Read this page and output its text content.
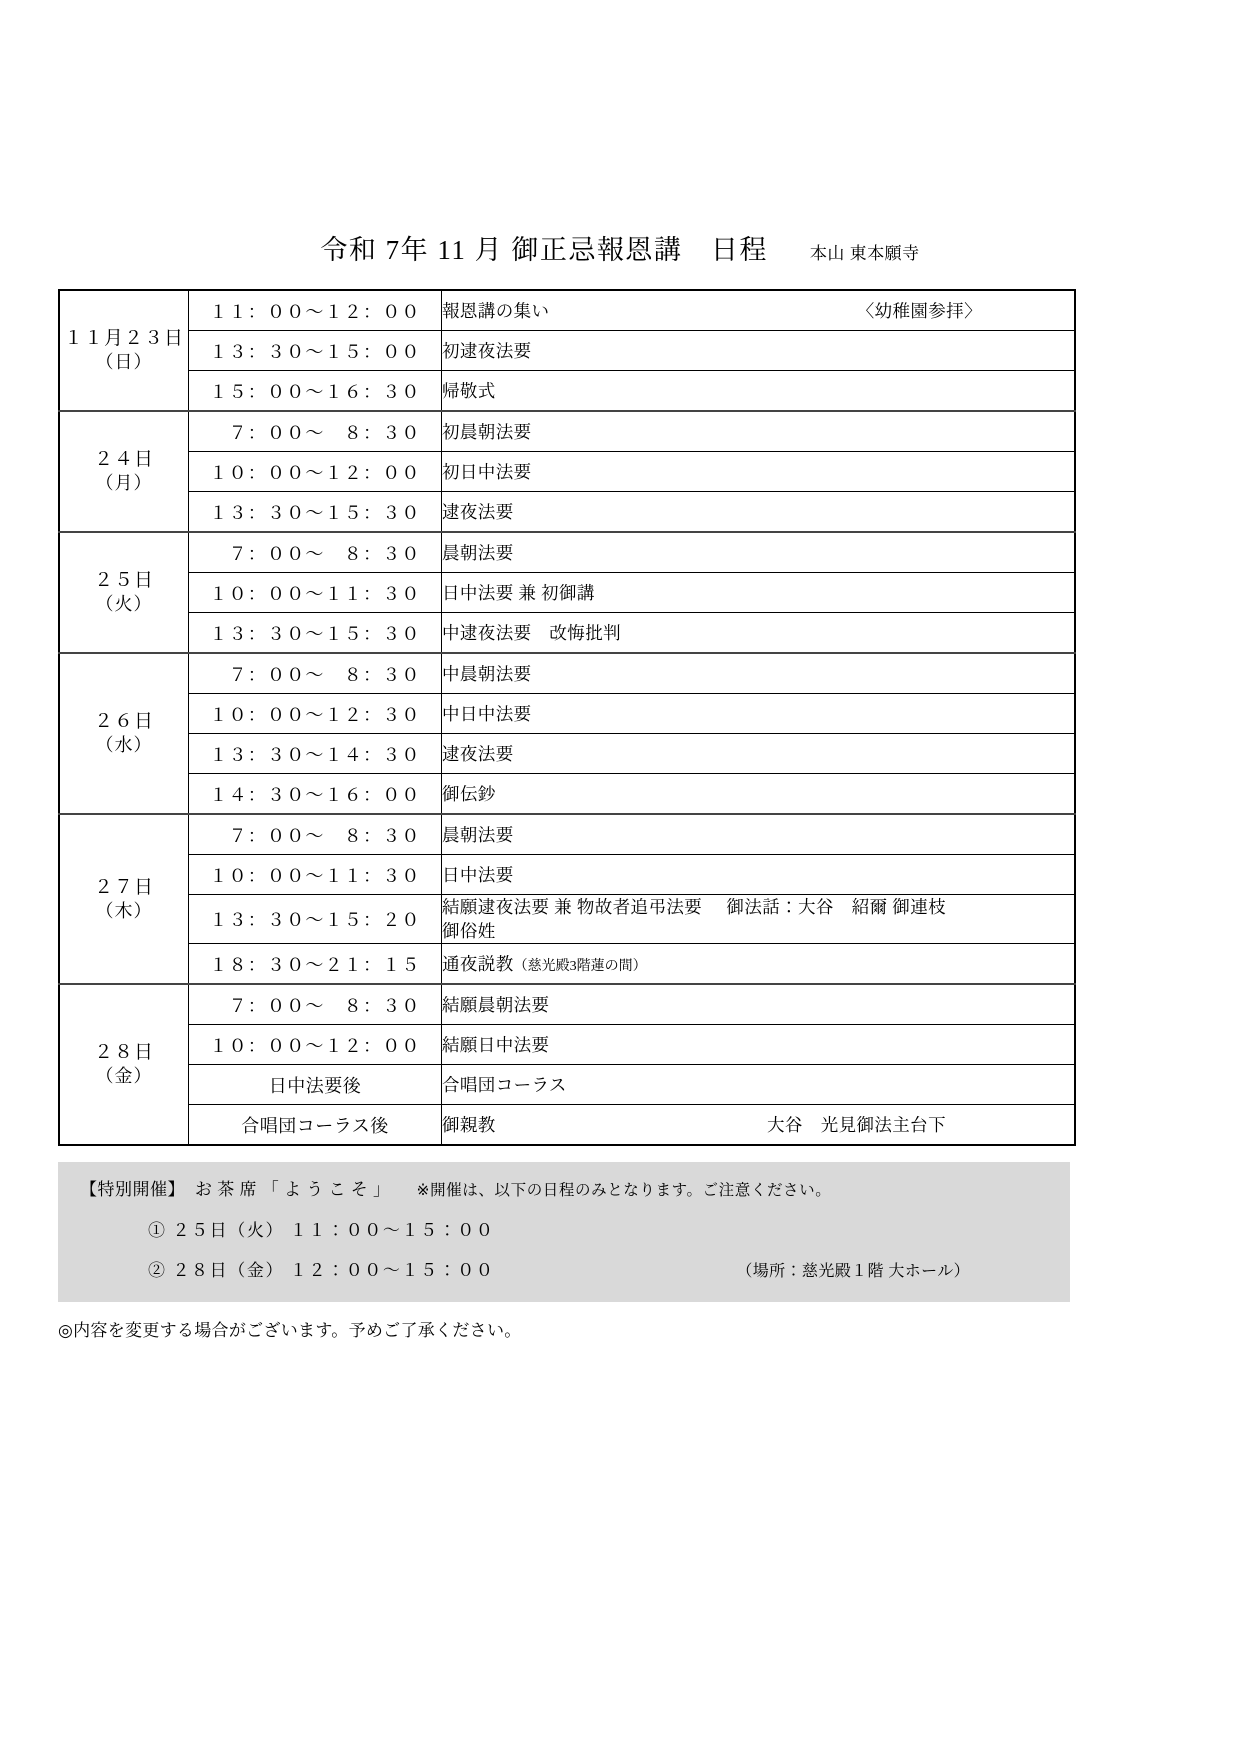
令和 7年 11 月 御正忌報恩講　日程 本山 東本願寺
１１月２３日
（日）
	１１：００〜１２：００	報恩講の集い	〈幼稚園参拝〉

	１３：３０〜１５：００	初逮夜法要

	１５：００〜１６：３０	帰敬式

２４日
（月）	　７：００〜　８：３０	初晨朝法要

	１０：００〜１２：００	初日中法要

	１３：３０〜１５：３０	逮夜法要

２５日
（火）	　７：００〜　８：３０	晨朝法要

	１０：００〜１１：３０	日中法要 兼 初御講

	１３：３０〜１５：３０	中逮夜法要　改悔批判

２６日
（水）	　７：００〜　８：３０	中晨朝法要

	１０：００〜１２：３０	中日中法要

	１３：３０〜１４：３０	逮夜法要

	１４：３０〜１６：００	御伝鈔

２７日
（木）	　７：００〜　８：３０	晨朝法要

	１０：００〜１１：３０	日中法要

	１３：３０〜１５：２０	結願逮夜法要 兼 物故者追弔法要
御俗姓
御法話：大谷　紹爾 御連枝

	１８：３０〜２１：１５	通夜説教（慈光殿3階蓮の間）

２８日
（金）	　７：００〜　８：３０	結願晨朝法要

	１０：００〜１２：００	結願日中法要

	日中法要後	合唱団コーラス

	合唱団コーラス後	御親教 大谷　光見御法主台下
【特別開催】 お 茶 席 「 よ う こ そ 」 ※開催は、以下の日程のみとなります。ご注意ください。
① ２５日（火） １１：００〜１５：００
② ２８日（金） １２：００〜１５：００	（場所：慈光殿１階 大ホール）
◎内容を変更する場合がございます。予めご了承ください。
